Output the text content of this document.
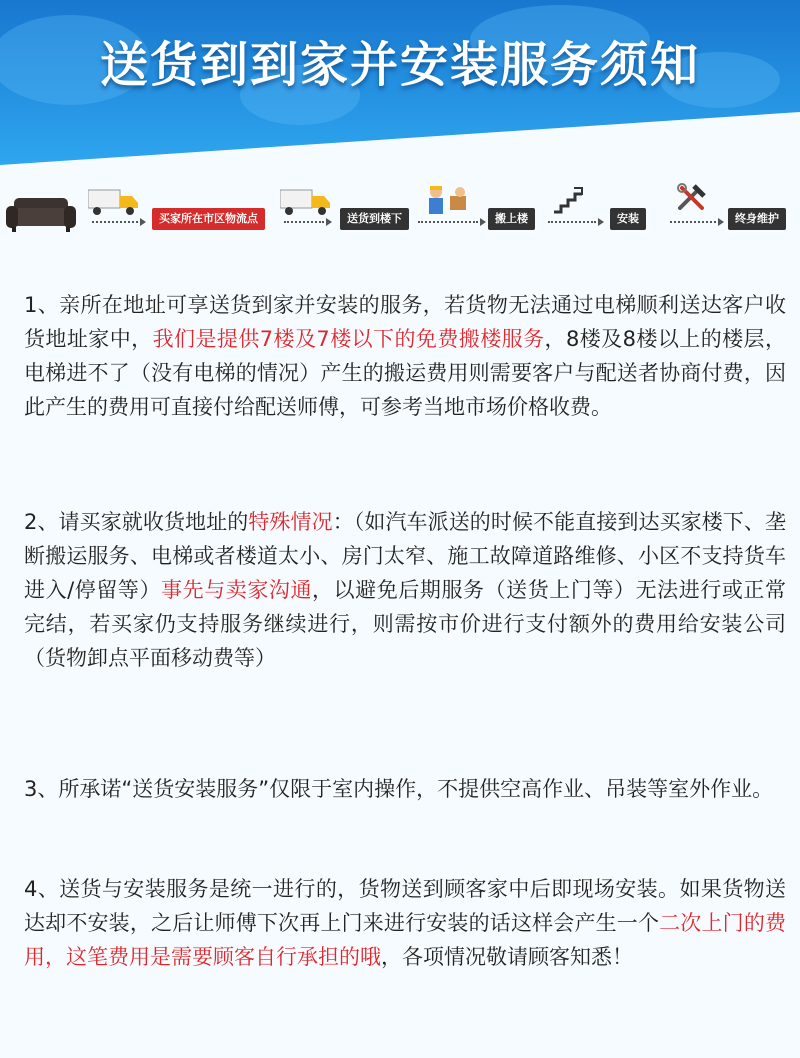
送货到到家并安装服务须知
买家所在市区物流点	送货到楼下	搬上楼	安装	终身维护

1、亲所在地址可享送货到家并安装的服务，若货物无法通过电梯顺利送达客户收货地址家中，我们是提供7楼及7楼以下的免费搬楼服务，8楼及8楼以上的楼层，电梯进不了（没有电梯的情况）产生的搬运费用则需要客户与配送者协商付费，因此产生的费用可直接付给配送师傅，可参考当地市场价格收费。

2、请买家就收货地址的特殊情况：（如汽车派送的时候不能直接到达买家楼下、垄断搬运服务、电梯或者楼道太小、房门太窄、施工故障道路维修、小区不支持货车进入/停留等）事先与卖家沟通，以避免后期服务（送货上门等）无法进行或正常完结，若买家仍支持服务继续进行，则需按市价进行支付额外的费用给安装公司（货物卸点平面移动费等）

3、所承诺“送货安装服务”仅限于室内操作，不提供空高作业、吊装等室外作业。

4、送货与安装服务是统一进行的，货物送到顾客家中后即现场安装。如果货物送达却不安装，之后让师傅下次再上门来进行安装的话这样会产生一个二次上门的费用，这笔费用是需要顾客自行承担的哦，各项情况敬请顾客知悉！
